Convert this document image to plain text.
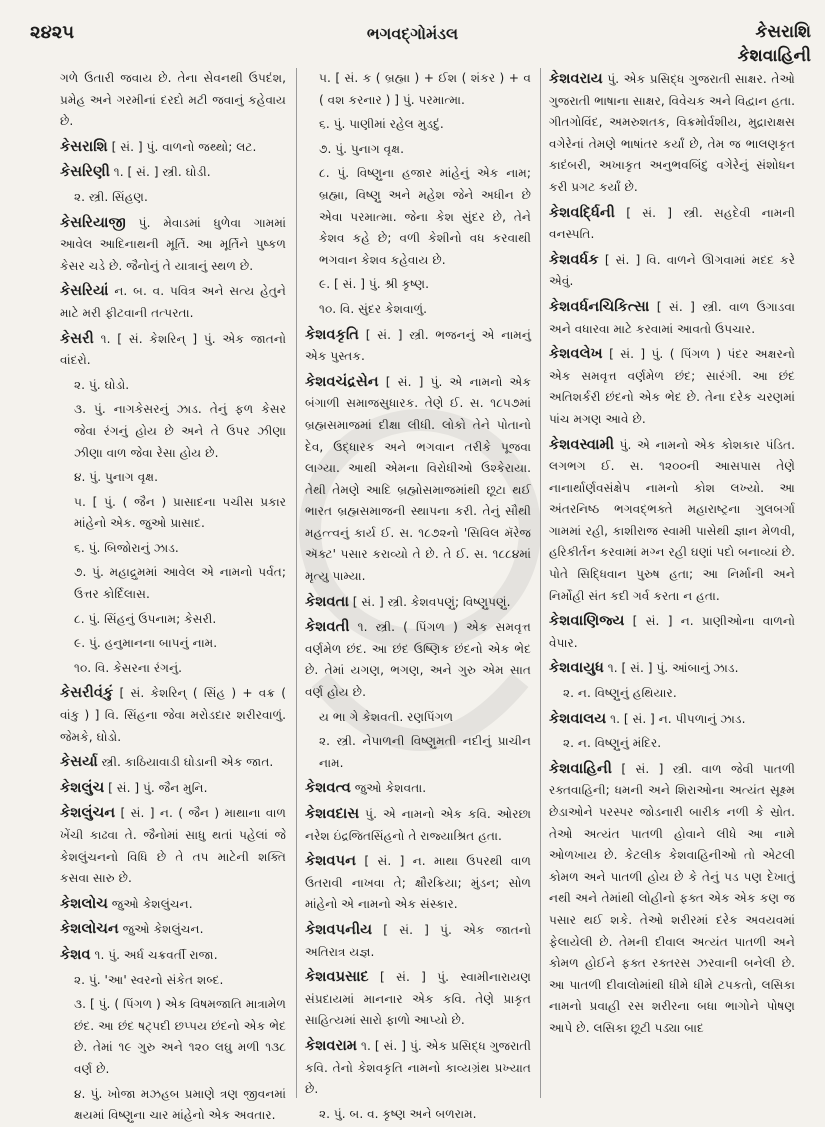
૨૪૨૫	ભગવદ્ગોમંડલ	કેસરાશિ
કેશવાહિની
ગળે ઉતારી જવાય છે. તેના સેવનથી ઉપદંશ, પ્રમેહ અને ગરમીનાં દરદો મટી જવાનું કહેવાય છે.
કેસરાશિ [ સં. ] પું. વાળનો જથ્થો; લટ.
કેસરિણી ૧. [ સં. ] સ્ત્રી. ઘોડી.
૨. સ્ત્રી. સિંહણ.
કેસરિયાજી પું. મેવાડમાં ધુળેવા ગામમાં આવેલ આદિનાથની મૂર્તિ. આ મૂર્તિને પુષ્કળ કેસર ચડે છે. જૈનોનું તે યાત્રાનું સ્થળ છે.
કેસરિયાં ન. બ. વ. પવિત્ર અને સત્ય હેતુને માટે મરી ફીટવાની તત્પરતા.
કેસરી ૧. [ સં. કેશરિન્ ] પું. એક જાતનો વાંદરો.
૨. પું. ઘોડો.
૩. પું. નાગકેસરનું ઝાડ. તેનું ફળ કેસર જેવા રંગનું હોય છે અને તે ઉપર ઝીણા ઝીણા વાળ જેવા રેસા હોય છે.
૪. પું. પુનાગ વૃક્ષ.
૫. [ પું. ( જૈન ) પ્રાસાદના પચીસ પ્રકાર માંહેનો એક. જુઓ પ્રાસાદ.
૬. પું. બિજોરાનું ઝાડ.
૭. પું. મહાદ્રુમમાં આવેલ એ નામનો પર્વત; ઉત્તર કોર્દિલાસ.
૮. પું. સિંહનું ઉપનામ; કેસરી.
૯. પું. હનુમાનના બાપનું નામ.
૧૦. વિ. કેસરના રંગનું.
કેસરીવંકું [ સં. કેશરિન્ ( સિંહ ) + વક્ર ( વાંકુ ) ] વિ. સિંહના જેવા મરોડદાર શરીરવાળું. જેમકે, ઘોડો.
કેસર્યા સ્ત્રી. કાઠિયાવાડી ઘોડાની એક જાત.
કેશલુંચ [ સં. ] પું. જૈન મુનિ.
કેશલુંચન [ સં. ] ન. ( જૈન ) માથાના વાળ ખેંચી કાઢવા તે. જૈનોમાં સાધુ થતાં પહેલાં જે કેશલુંચનનો વિધિ છે તે તપ માટેની શક્તિ કસવા સારુ છે.
કેશલોચ જુઓ કેશલુંચન.
કેશલોચન જુઓ કેશલુંચન.
કેશવ ૧. પું. અર્ધ ચક્રવર્તી રાજા.
૨. પું. 'આ' સ્વરનો સંકેત શબ્દ.
૩. [ પું. ( પિંગળ ) એક વિષમજાતિ માત્રામેળ છંદ. આ છંદ ષટ્પદી છપ્પય છંદનો એક ભેદ છે. તેમાં ૧૯ ગુરુ અને ૧૨૦ લઘુ મળી ૧૩૮ વર્ણ છે.
૪. પું. ખોજા મઝહબ પ્રમાણે ત્રણ જીવનમાં ક્ષયમાં વિષ્ણુના ચાર માંહેનો એક અવતાર.
૫. [ સં. ક ( બ્રહ્મા ) + ઈશ ( શંકર ) + વ ( વશ કરનાર ) ] પું. પરમાત્મા.
૬. પું. પાણીમાં રહેલ મુડદું.
૭. પું. પુનાગ વૃક્ષ.
૮. પું. વિષ્ણુના હજાર માંહેનું એક નામ; બ્રહ્મા, વિષ્ણુ અને મહેશ જેને અધીન છે એવા પરમાત્મા. જેના કેશ સુંદર છે, તેને કેશવ કહે છે; વળી કેશીનો વધ કરવાથી ભગવાન કેશવ કહેવાય છે.
૯. [ સં. ] પું. શ્રી કૃષ્ણ.
૧૦. વિ. સુંદર કેશવાળું.
કેશવકૃતિ [ સં. ] સ્ત્રી. ભજનનું એ નામનું એક પુસ્તક.
કેશવચંદ્રસેન [ સં. ] પું. એ નામનો એક બંગાળી સમાજસુધારક. તેણે ઈ. સ. ૧૮૫૭માં બ્રહ્મસમાજમાં દીક્ષા લીધી. લોકો તેને પોતાનો દેવ, ઉદ્ધારક અને ભગવાન તરીકે પૂજવા લાગ્યા. આથી એમના વિરોધીઓ ઉશ્કેરાયા. તેથી તેમણે આદિ બ્રહ્મોસમાજમાંથી છૂટા થઈ ભારત બ્રહ્મસમાજની સ્થાપના કરી. તેનું સૌથી મહત્ત્વનું કાર્ય ઈ. સ. ૧૮૭૨નો 'સિવિલ મૅરેજ ઍક્ટ' પસાર કરાવ્યો તે છે. તે ઈ. સ. ૧૮૮૪માં મૃત્યુ પામ્યા.
કેશવતા [ સં. ] સ્ત્રી. કેશવપણું; વિષ્ણુપણું.
કેશવતી ૧. સ્ત્રી. ( પિંગળ ) એક સમવૃત્ત વર્ણમેળ છંદ. આ છંદ ઉષ્ણિક છંદનો એક ભેદ છે. તેમાં યગણ, ભગણ, અને ગુરુ એમ સાત વર્ણ હોય છે.
ય ભા ગે કેશવતી. રણપિંગળ
૨. સ્ત્રી. નેપાળની વિષ્ણુમતી નદીનું પ્રાચીન નામ.
કેશવત્વ જુઓ કેશવતા.
કેશવદાસ પું. એ નામનો એક કવિ. ઓરછા નરેશ ઇંદ્રજિતસિંહનો તે રાજ્યાશ્રિત હતા.
કેશવપન [ સં. ] ન. માથા ઉપરથી વાળ ઉતરાવી નાખવા તે; ક્ષૌરક્રિયા; મુંડન; સોળ માંહેનો એ નામનો એક સંસ્કાર.
કેશવપનીય [ સં. ] પું. એક જાતનો અતિરાત્ર યજ્ઞ.
કેશવપ્રસાદ [ સં. ] પું. સ્વામીનારાયણ સંપ્રદાયમાં માનનાર એક કવિ. તેણે પ્રાકૃત સાહિત્યમાં સારો ફાળો આપ્યો છે.
કેશવરામ ૧. [ સં. ] પું. એક પ્રસિદ્ધ ગુજરાતી કવિ. તેનો કેશવકૃતિ નામનો કાવ્યગ્રંથ પ્રખ્યાત છે.
૨. પું. બ. વ. કૃષ્ણ અને બળરામ.
કેશવરાય પું. એક પ્રસિદ્ધ ગુજરાતી સાક્ષર. તેઓ ગુજરાતી ભાષાના સાક્ષર, વિવેચક અને વિદ્વાન હતા. ગીતગોવિંદ, અમરુશતક, વિક્રમોર્વશીય, મુદ્રારાક્ષસ વગેરેનાં તેમણે ભાષાંતર કર્યાં છે, તેમ જ ભાલણકૃત કાદંબરી, અખાકૃત અનુભવબિંદુ વગેરેનું સંશોધન કરી પ્રગટ કર્યાં છે.
કેશવર્દ્ધિની [ સં. ] સ્ત્રી. સહદેવી નામની વનસ્પતિ.
કેશવર્ધક [ સં. ] વિ. વાળને ઊગવામાં મદદ કરે એવું.
કેશવર્ધનચિકિત્સા [ સં. ] સ્ત્રી. વાળ ઉગાડવા અને વધારવા માટે કરવામાં આવતો ઉપચાર.
કેશવલેખ [ સં. ] પું. ( પિંગળ ) પંદર અક્ષરનો એક સમવૃત્ત વર્ણમેળ છંદ; સારંગી. આ છંદ અતિશર્કરી છંદનો એક ભેદ છે. તેના દરેક ચરણમાં પાંચ મગણ આવે છે.
કેશવસ્વામી પું. એ નામનો એક કોશકાર પંડિત. લગભગ ઈ. સ. ૧૨૦૦ની આસપાસ તેણે નાનાર્થાર્ણવસંક્ષેપ નામનો કોશ લખ્યો. આ અંતરનિષ્ઠ ભગવદ્ભક્તે મહારાષ્ટ્રના ગુલબર્ગા ગામમાં રહી, કાશીરાજ સ્વામી પાસેથી જ્ઞાન મેળવી, હરિકીર્તન કરવામાં મગ્ન રહી ઘણાં પદો બનાવ્યાં છે. પોતે સિદ્ધિવાન પુરુષ હતા; આ નિર્માની અને નિર્મોહી સંત કદી ગર્વ કરતા ન હતા.
કેશવાણિજ્ય [ સં. ] ન. પ્રાણીઓના વાળનો વેપાર.
કેશવાયુધ ૧. [ સં. ] પું. આંબાનું ઝાડ.
૨. ન. વિષ્ણુનું હથિયાર.
કેશવાલય ૧. [ સં. ] ન. પીપળાનું ઝાડ.
૨. ન. વિષ્ણુનું મંદિર.
કેશવાહિની [ સં. ] સ્ત્રી. વાળ જેવી પાતળી રક્તવાહિની; ધમની અને શિરાઓના અત્યંત સૂક્ષ્મ છેડાઓને પરસ્પર જોડનારી બારીક નળી કે સ્રોત. તેઓ અત્યંત પાતળી હોવાને લીધે આ નામે ઓળખાય છે. કેટલીક કેશવાહિનીઓ તો એટલી કોમળ અને પાતળી હોય છે કે તેનું પડ પણ દેખાતું નથી અને તેમાંથી લોહીનો ફક્ત એક એક કણ જ પસાર થઈ શકે. તેઓ શરીરમાં દરેક અવયવમાં ફેલાયેલી છે. તેમની દીવાલ અત્યંત પાતળી અને કોમળ હોઈને ફક્ત રક્તરસ ઝરવાની બનેલી છે. આ પાતળી દીવાલોમાંથી ધીમે ધીમે ટપકતો, લસિકા નામનો પ્રવાહી રસ શરીરના બધા ભાગોને પોષણ આપે છે. લસિકા છૂટી પડ્યા બાદ
